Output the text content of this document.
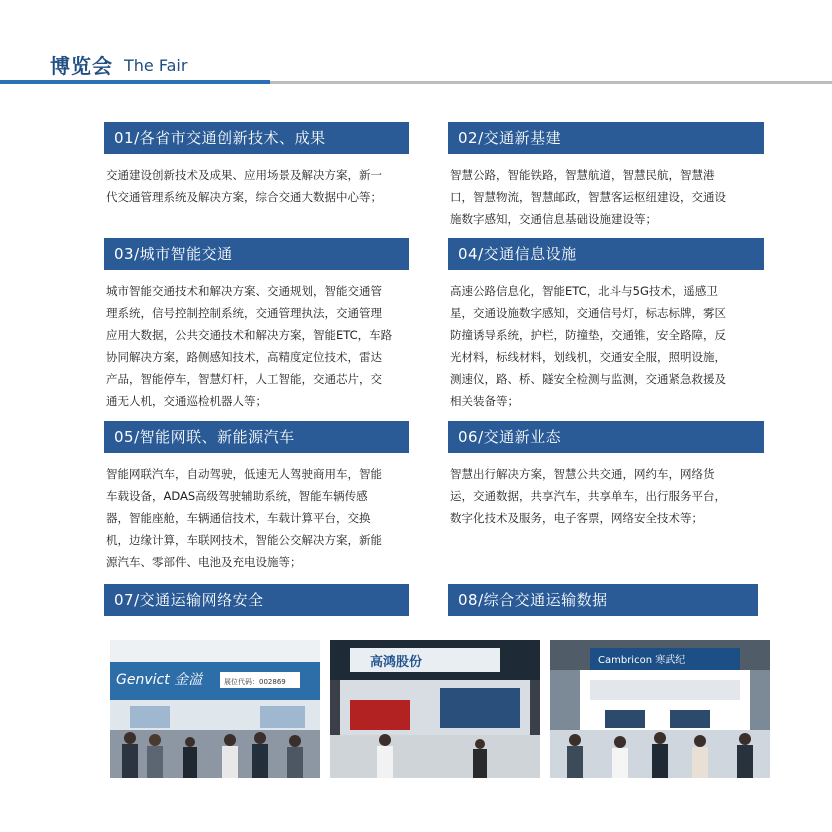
博览会 The Fair
01/各省市交通创新技术、成果
交通建设创新技术及成果、应用场景及解决方案，新一
代交通管理系统及解决方案，综合交通大数据中心等；
02/交通新基建
智慧公路，智能铁路，智慧航道，智慧民航，智慧港
口，智慧物流，智慧邮政，智慧客运枢纽建设，交通设
施数字感知，交通信息基础设施建设等；
03/城市智能交通
城市智能交通技术和解决方案、交通规划，智能交通管
理系统，信号控制控制系统，交通管理执法，交通管理
应用大数据，公共交通技术和解决方案，智能ETC，车路
协同解决方案，路侧感知技术，高精度定位技术，雷达
产品，智能停车，智慧灯杆，人工智能，交通芯片，交
通无人机，交通巡检机器人等；
04/交通信息设施
高速公路信息化，智能ETC，北斗与5G技术，遥感卫
星，交通设施数字感知，交通信号灯，标志标牌，雾区
防撞诱导系统，护栏，防撞垫，交通锥，安全路障，反
光材料，标线材料，划线机，交通安全服，照明设施，
测速仪，路、桥、隧安全检测与监测，交通紧急救援及
相关装备等；
05/智能网联、新能源汽车
智能网联汽车，自动驾驶，低速无人驾驶商用车，智能
车载设备，ADAS高级驾驶辅助系统，智能车辆传感
器，智能座舱，车辆通信技术，车载计算平台，交换
机，边缘计算，车联网技术，智能公交解决方案，新能
源汽车、零部件、电池及充电设施等；
06/交通新业态
智慧出行解决方案，智慧公共交通，网约车，网络货
运，交通数据，共享汽车，共享单车，出行服务平台，
数字化技术及服务，电子客票，网络安全技术等；
07/交通运输网络安全	08/综合交通运输数据
Genvict 金溢	展位代码：002869
高鸿股份	Cambricon 寒武纪
